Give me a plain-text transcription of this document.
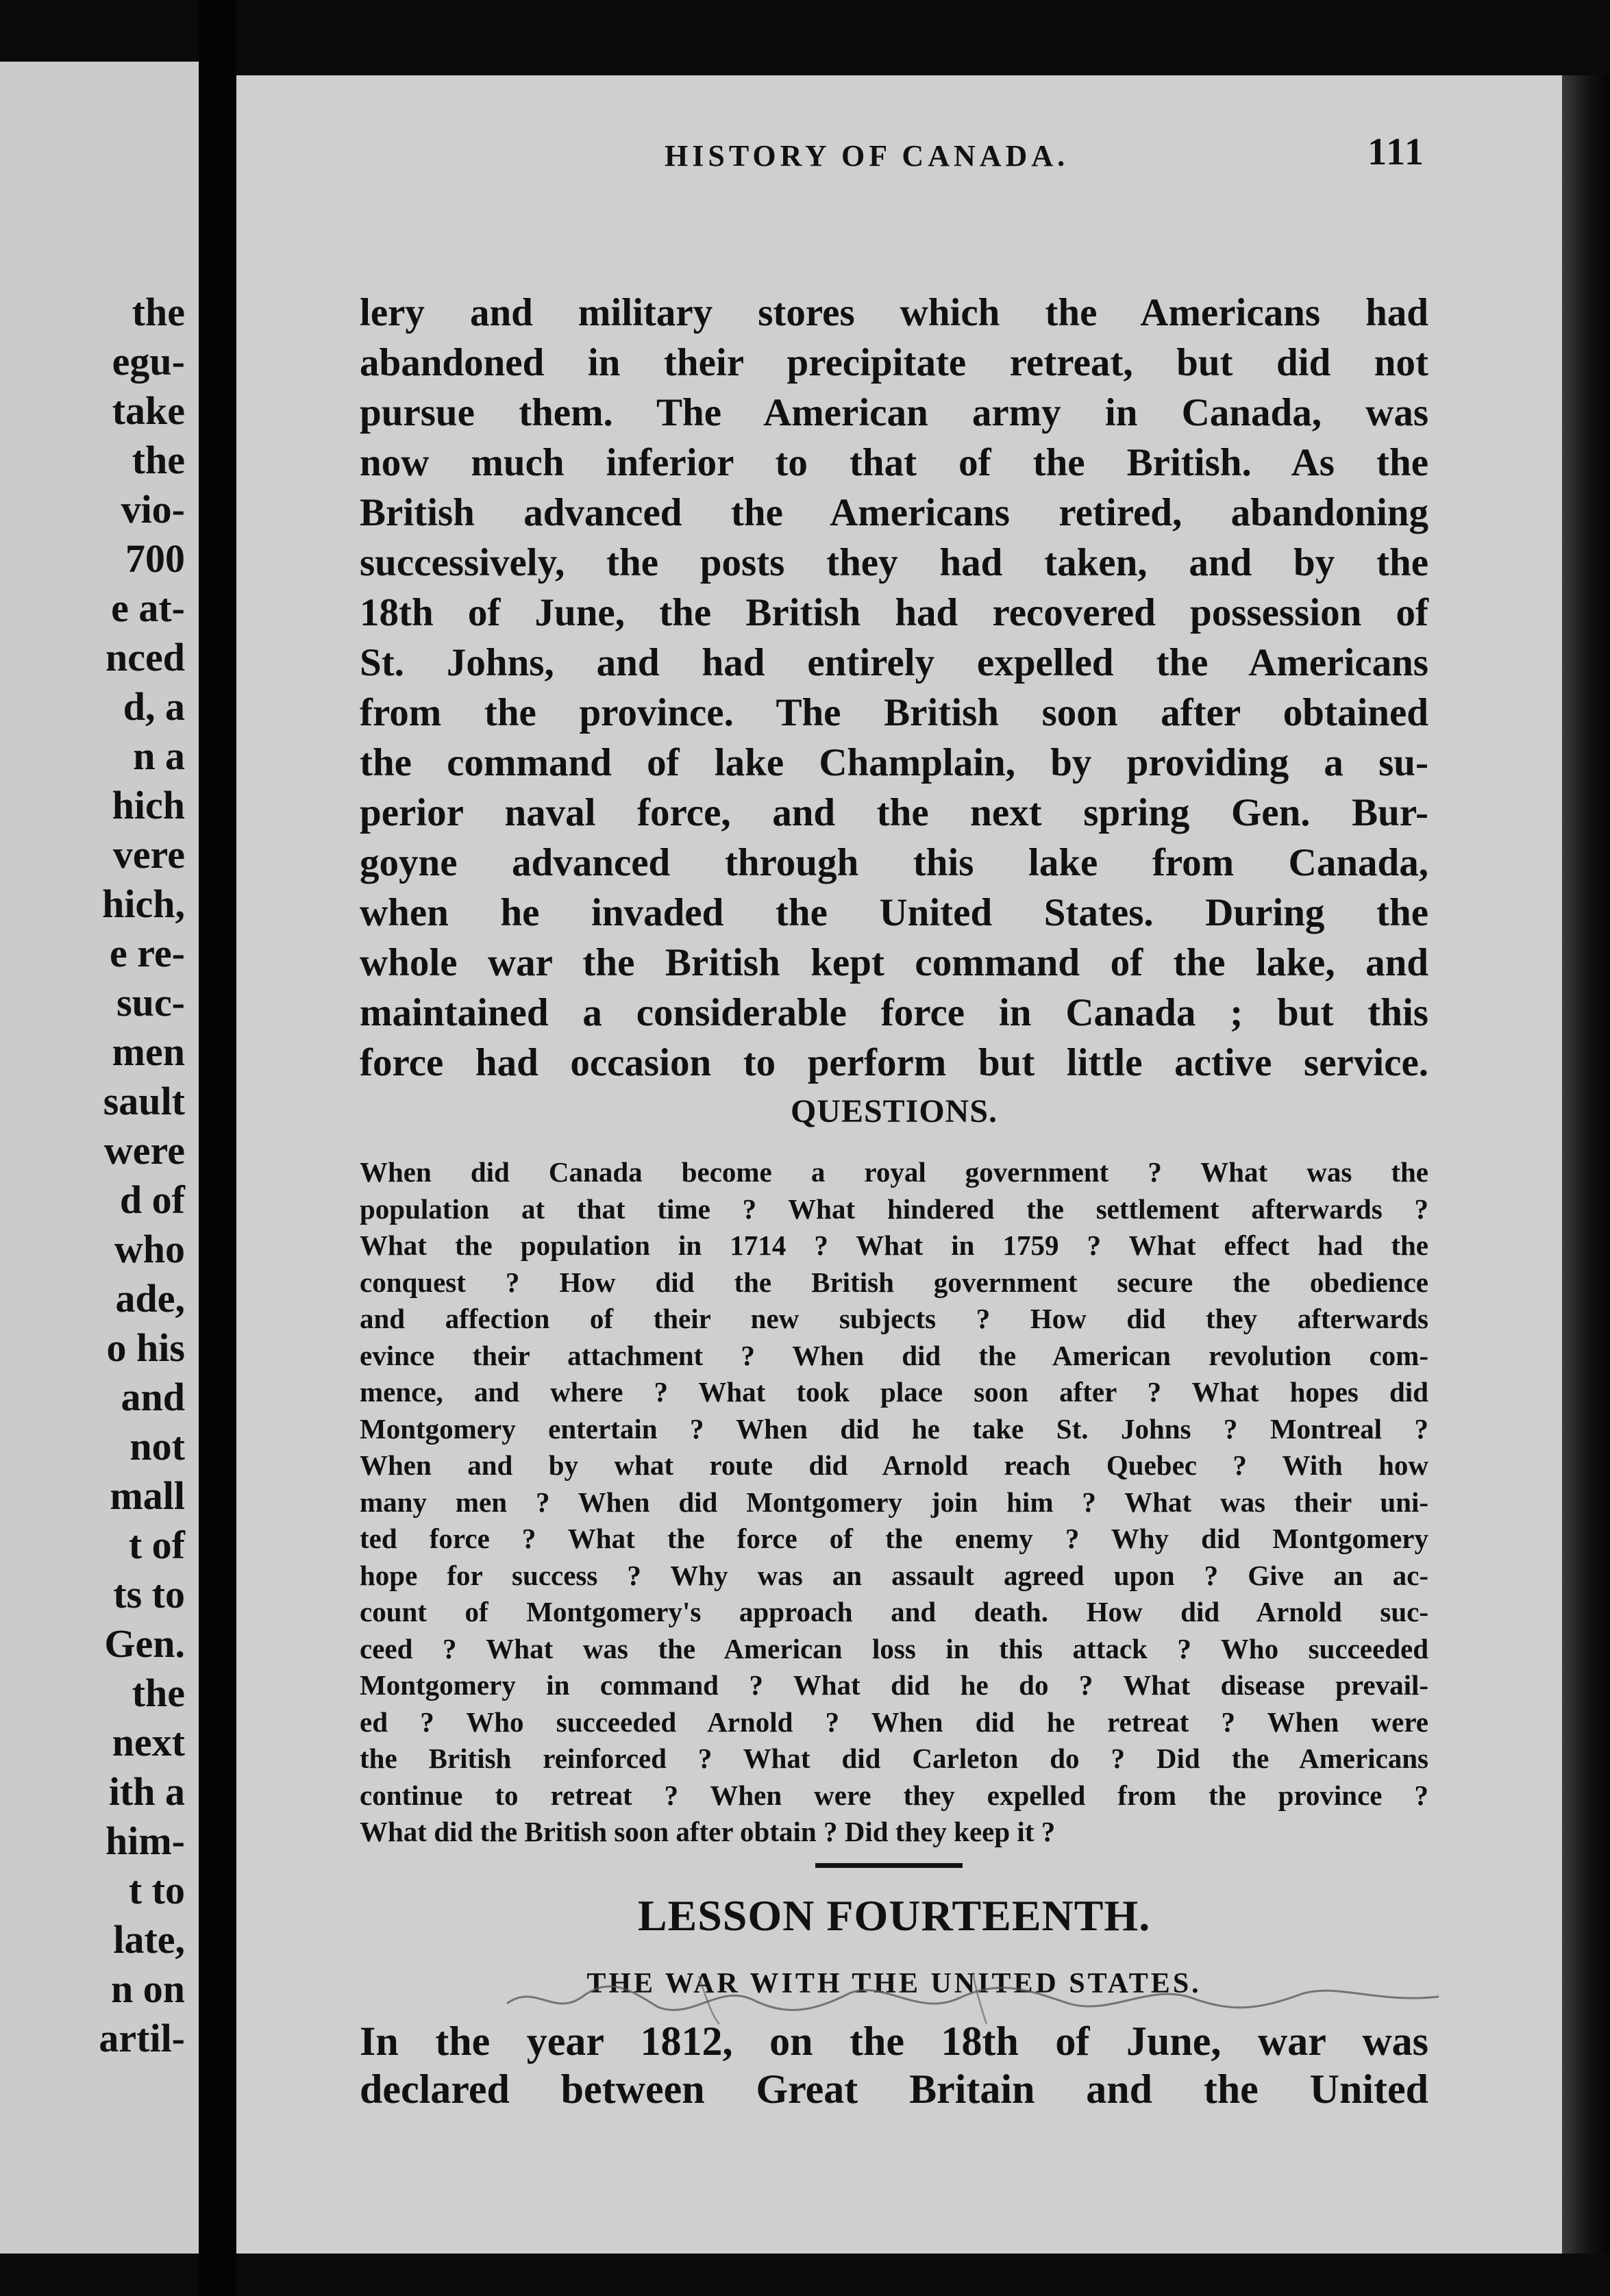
the
egu-
take
the
vio-
700
e at-
nced
d, a
n a
hich
vere
hich,
e re-
suc-
men
sault
were
d of
who
ade,
o his
and
not
mall
t of
ts to
Gen.
the
next
ith a
him-
t to
late,
n on
artil-
HISTORY OF CANADA.	111
lery and military stores which the Americans had
abandoned in their precipitate retreat, but did not
pursue them. The American army in Canada, was
now much inferior to that of the British. As the
British advanced the Americans retired, abandoning
successively, the posts they had taken, and by the
18th of June, the British had recovered possession of
St. Johns, and had entirely expelled the Americans
from the province. The British soon after obtained
the command of lake Champlain, by providing a su-
perior naval force, and the next spring Gen. Bur-
goyne advanced through this lake from Canada,
when he invaded the United States. During the
whole war the British kept command of the lake, and
maintained a considerable force in Canada ; but this
force had occasion to perform but little active service.
QUESTIONS.
When did Canada become a royal government ? What was the
population at that time ? What hindered the settlement afterwards ?
What the population in 1714 ? What in 1759 ? What effect had the
conquest ? How did the British government secure the obedience
and affection of their new subjects ? How did they afterwards
evince their attachment ? When did the American revolution com-
mence, and where ? What took place soon after ? What hopes did
Montgomery entertain ? When did he take St. Johns ? Montreal ?
When and by what route did Arnold reach Quebec ? With how
many men ? When did Montgomery join him ? What was their uni-
ted force ? What the force of the enemy ? Why did Montgomery
hope for success ? Why was an assault agreed upon ? Give an ac-
count of Montgomery's approach and death. How did Arnold suc-
ceed ? What was the American loss in this attack ? Who succeeded
Montgomery in command ? What did he do ? What disease prevail-
ed ? Who succeeded Arnold ? When did he retreat ? When were
the British reinforced ? What did Carleton do ? Did the Americans
continue to retreat ? When were they expelled from the province ?
What did the British soon after obtain ? Did they keep it ?
LESSON FOURTEENTH.
THE WAR WITH THE UNITED STATES.
In the year 1812, on the 18th of June, war was
declared between Great Britain and the United
